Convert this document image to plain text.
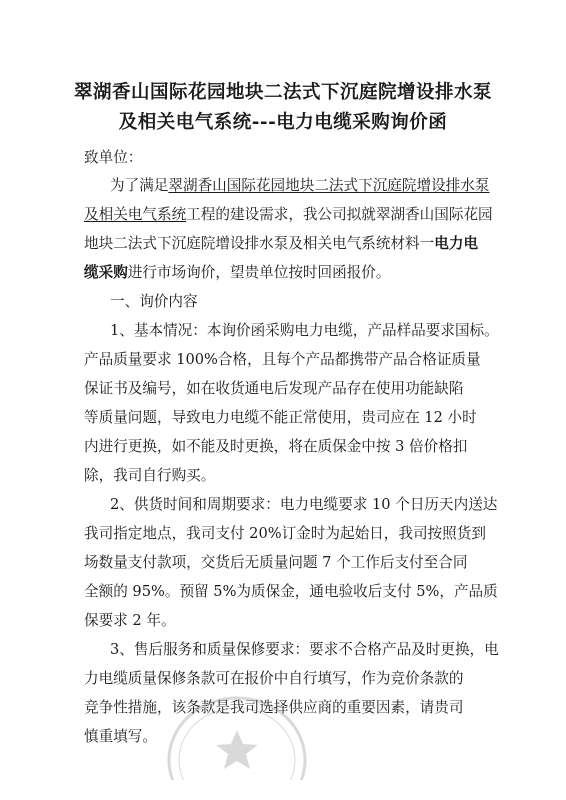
翠湖香山国际花园地块二法式下沉庭院增设排水泵
及相关电气系统---电力电缆采购询价函
致单位：
为了满足翠湖香山国际花园地块二法式下沉庭院增设排水泵
及相关电气系统工程的建设需求，我公司拟就翠湖香山国际花园
地块二法式下沉庭院增设排水泵及相关电气系统材料一电力电
缆采购进行市场询价，望贵单位按时回函报价。
一、询价内容
1、基本情况：本询价函采购电力电缆，产品样品要求国标。
产品质量要求 100%合格，且每个产品都携带产品合格证质量
保证书及编号，如在收货通电后发现产品存在使用功能缺陷
等质量问题，导致电力电缆不能正常使用，贵司应在 12 小时
内进行更换，如不能及时更换，将在质保金中按 3 倍价格扣
除，我司自行购买。
2、供货时间和周期要求：电力电缆要求 10 个日历天内送达
我司指定地点，我司支付 20%订金时为起始日，我司按照货到
场数量支付款项，交货后无质量问题 7 个工作后支付至合同
全额的 95%。预留 5%为质保金，通电验收后支付 5%，产品质
保要求 2 年。
3、售后服务和质量保修要求：要求不合格产品及时更换，电
力电缆质量保修条款可在报价中自行填写，作为竞价条款的
竞争性措施，该条款是我司选择供应商的重要因素，请贵司
慎重填写。
